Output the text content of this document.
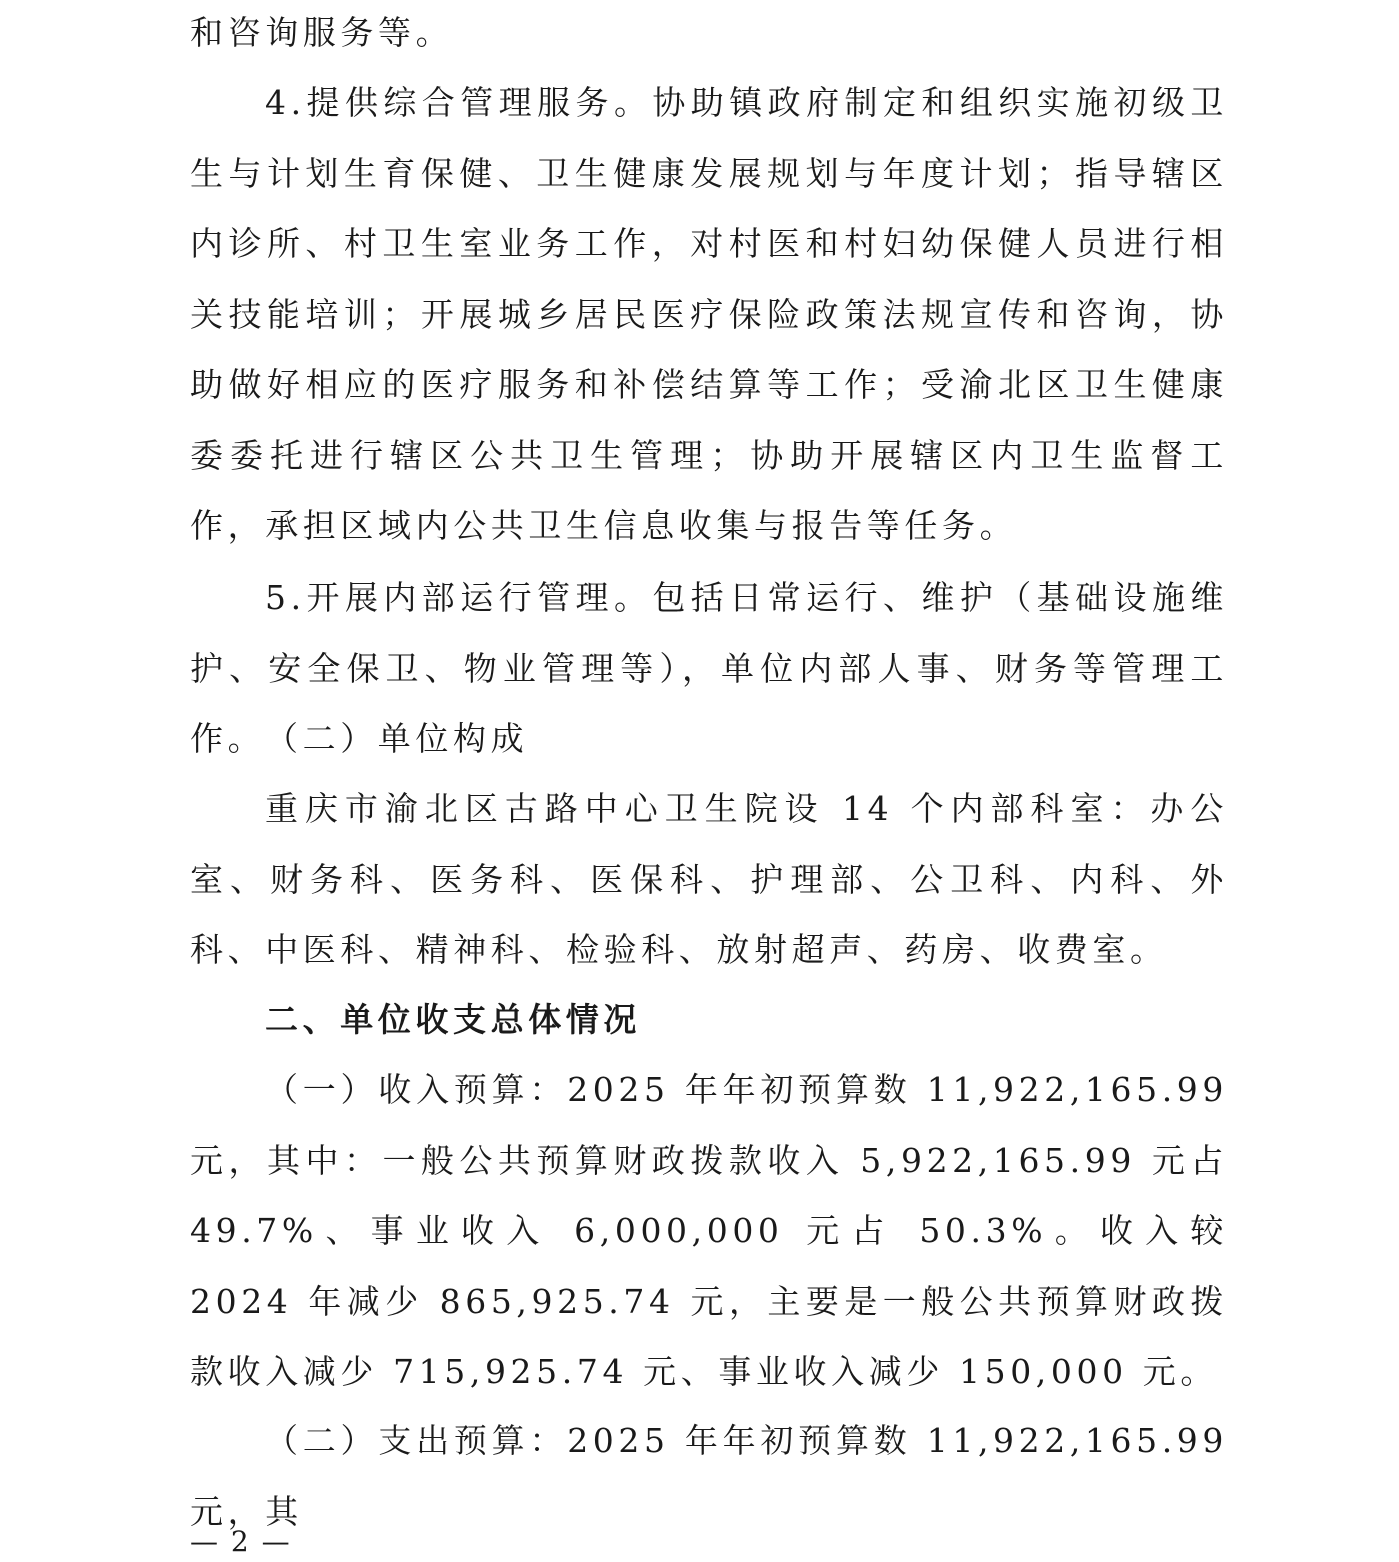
和咨询服务等。

4.提供综合管理服务。协助镇政府制定和组织实施初级卫生与计划生育保健、卫生健康发展规划与年度计划；指导辖区内诊所、村卫生室业务工作，对村医和村妇幼保健人员进行相关技能培训；开展城乡居民医疗保险政策法规宣传和咨询，协助做好相应的医疗服务和补偿结算等工作；受渝北区卫生健康委委托进行辖区公共卫生管理；协助开展辖区内卫生监督工作，承担区域内公共卫生信息收集与报告等任务。

5.开展内部运行管理。包括日常运行、维护（基础设施维护、安全保卫、物业管理等），单位内部人事、财务等管理工作。 （二）单位构成

重庆市渝北区古路中心卫生院设 14 个内部科室：办公室、财务科、医务科、医保科、护理部、公卫科、内科、外科、中医科、精神科、检验科、放射超声、药房、收费室。

二、单位收支总体情况

（一）收入预算：2025 年年初预算数 11,922,165.99 元，其中：一般公共预算财政拨款收入 5,922,165.99 元占 49.7%、事业收入 6,000,000 元占 50.3%。收入较 2024 年减少 865,925.74 元，主要是一般公共预算财政拨款收入减少 715,925.74 元、事业收入减少 150,000 元。

（二）支出预算：2025 年年初预算数 11,922,165.99 元，其

— 2 —
